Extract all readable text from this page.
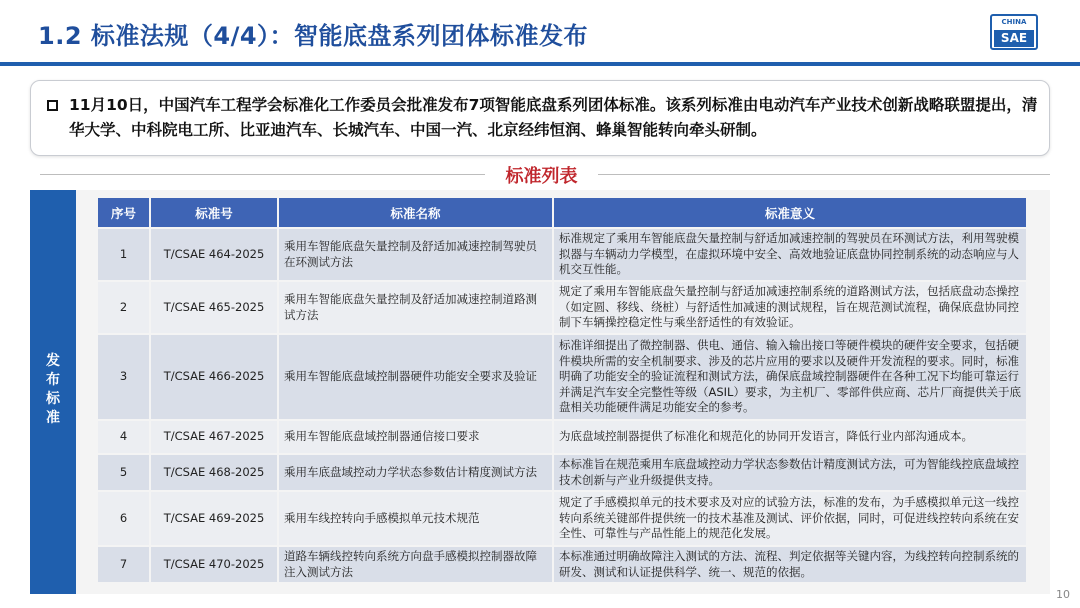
1.2 标准法规（4/4）：智能底盘系列团体标准发布	CHINA
SAE
11月10日，中国汽车工程学会标准化工作委员会批准发布7项智能底盘系列团体标准。该系列标准由电动汽车产业技术创新战略联盟提出，清华大学、中科院电工所、比亚迪汽车、长城汽车、中国一汽、北京经纬恒润、蜂巢智能转向牵头研制。
标准列表
发
布
标
准
序号	标准号	标准名称	标准意义
1	T/CSAE 464-2025	乘用车智能底盘矢量控制及舒适加减速控制驾驶员在环测试方法	标准规定了乘用车智能底盘矢量控制与舒适加减速控制的驾驶员在环测试方法，利用驾驶模拟器与车辆动力学模型，在虚拟环境中安全、高效地验证底盘协同控制系统的动态响应与人机交互性能。
2	T/CSAE 465-2025	乘用车智能底盘矢量控制及舒适加减速控制道路测试方法	规定了乘用车智能底盘矢量控制与舒适加减速控制系统的道路测试方法，包括底盘动态操控（如定圆、移线、绕桩）与舒适性加减速的测试规程，旨在规范测试流程，确保底盘协同控制下车辆操控稳定性与乘坐舒适性的有效验证。
3	T/CSAE 466-2025	乘用车智能底盘域控制器硬件功能安全要求及验证	标准详细提出了微控制器、供电、通信、输入输出接口等硬件模块的硬件安全要求，包括硬件模块所需的安全机制要求、涉及的芯片应用的要求以及硬件开发流程的要求。同时，标准明确了功能安全的验证流程和测试方法，确保底盘域控制器硬件在各种工况下均能可靠运行并满足汽车安全完整性等级（ASIL）要求，为主机厂、零部件供应商、芯片厂商提供关于底盘相关功能硬件满足功能安全的参考。
4	T/CSAE 467-2025	乘用车智能底盘域控制器通信接口要求	为底盘域控制器提供了标准化和规范化的协同开发语言，降低行业内部沟通成本。
5	T/CSAE 468-2025	乘用车底盘域控动力学状态参数估计精度测试方法	本标准旨在规范乘用车底盘域控动力学状态参数估计精度测试方法，可为智能线控底盘域控技术创新与产业升级提供支持。
6	T/CSAE 469-2025	乘用车线控转向手感模拟单元技术规范	规定了手感模拟单元的技术要求及对应的试验方法，标准的发布，为手感模拟单元这一线控转向系统关键部件提供统一的技术基准及测试、评价依据，同时，可促进线控转向系统在安全性、可靠性与产品性能上的规范化发展。
7	T/CSAE 470-2025	道路车辆线控转向系统方向盘手感模拟控制器故障注入测试方法	本标准通过明确故障注入测试的方法、流程、判定依据等关键内容，为线控转向控制系统的研发、测试和认证提供科学、统一、规范的依据。
10
